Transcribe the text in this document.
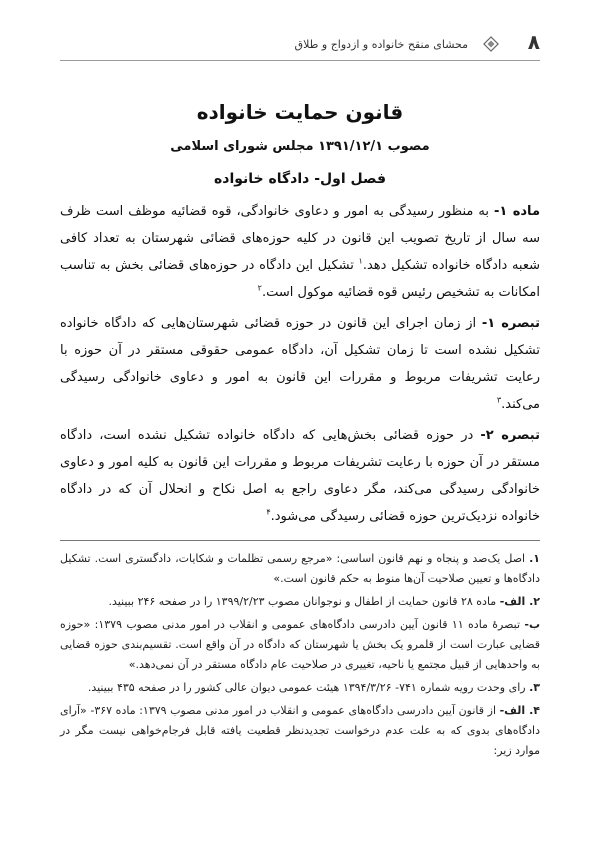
۸
محشای منقح خانواده و ازدواج و طلاق
قانون حمایت خانواده
مصوب ۱۳۹۱/۱۲/۱ مجلس شورای اسلامی
فصل اول- دادگاه خانواده

ماده ۱- به منظور رسیدگی به امور و دعاوی خانوادگی، قوه قضائیه موظف است ظرف سه سال از تاریخ تصویب این قانون در کلیه حوزه‌های قضائی شهرستان به تعداد کافی شعبه دادگاه خانواده تشکیل دهد.$^۱$ تشکیل این دادگاه در حوزه‌های قضائی بخش به تناسب امکانات به تشخیص رئیس قوه قضائیه موکول است.$^۲$

تبصره ۱- از زمان اجرای این قانون در حوزه قضائی شهرستان‌هایی که دادگاه خانواده تشکیل نشده است تا زمان تشکیل آن، دادگاه عمومی حقوقی مستقر در آن حوزه با رعایت تشریفات مربوط و مقررات این قانون به امور و دعاوی خانوادگی رسیدگی می‌کند.$^۳$

تبصره ۲- در حوزه قضائی بخش‌هایی که دادگاه خانواده تشکیل نشده است، دادگاه مستقر در آن حوزه با رعایت تشریفات مربوط و مقررات این قانون به کلیه امور و دعاوی خانوادگی رسیدگی می‌کند، مگر دعاوی راجع به اصل نکاح و انحلال آن که در دادگاه خانواده نزدیک‌ترین حوزه قضائی رسیدگی می‌شود.$^۴$

۱. اصل یک‌صد و پنجاه و نهم قانون اساسی: «مرجع رسمی تظلمات و شکایات، دادگستری است. تشکیل دادگاه‌ها و تعیین صلاحیت آن‌ها منوط به حکم قانون است.»
۲. الف- ماده ۲۸ قانون حمایت از اطفال و نوجوانان مصوب ۱۳۹۹/۲/۲۳ را در صفحه ۲۴۶ ببینید.
ب- تبصرهٔ ماده ۱۱ قانون آیین دادرسی دادگاه‌های عمومی و انقلاب در امور مدنی مصوب ۱۳۷۹: «حوزه قضایی عبارت است از قلمرو یک بخش یا شهرستان که دادگاه در آن واقع است. تقسیم‌بندی حوزه قضایی به واحدهایی از قبیل مجتمع یا ناحیه، تغییری در صلاحیت عام دادگاه مستقر در آن نمی‌دهد.»
۳. رای وحدت رویه شماره ۷۴۱- ۱۳۹۴/۳/۲۶ هیئت عمومی دیوان عالی کشور را در صفحه ۴۳۵ ببینید.
۴. الف- از قانون آیین دادرسی دادگاه‌های عمومی و انقلاب در امور مدنی مصوب ۱۳۷۹: ماده ۳۶۷- «آرای دادگاه‌های بدوی که به علت عدم درخواست تجدیدنظر قطعیت یافته قابل فرجام‌خواهی نیست مگر در موارد زیر:
